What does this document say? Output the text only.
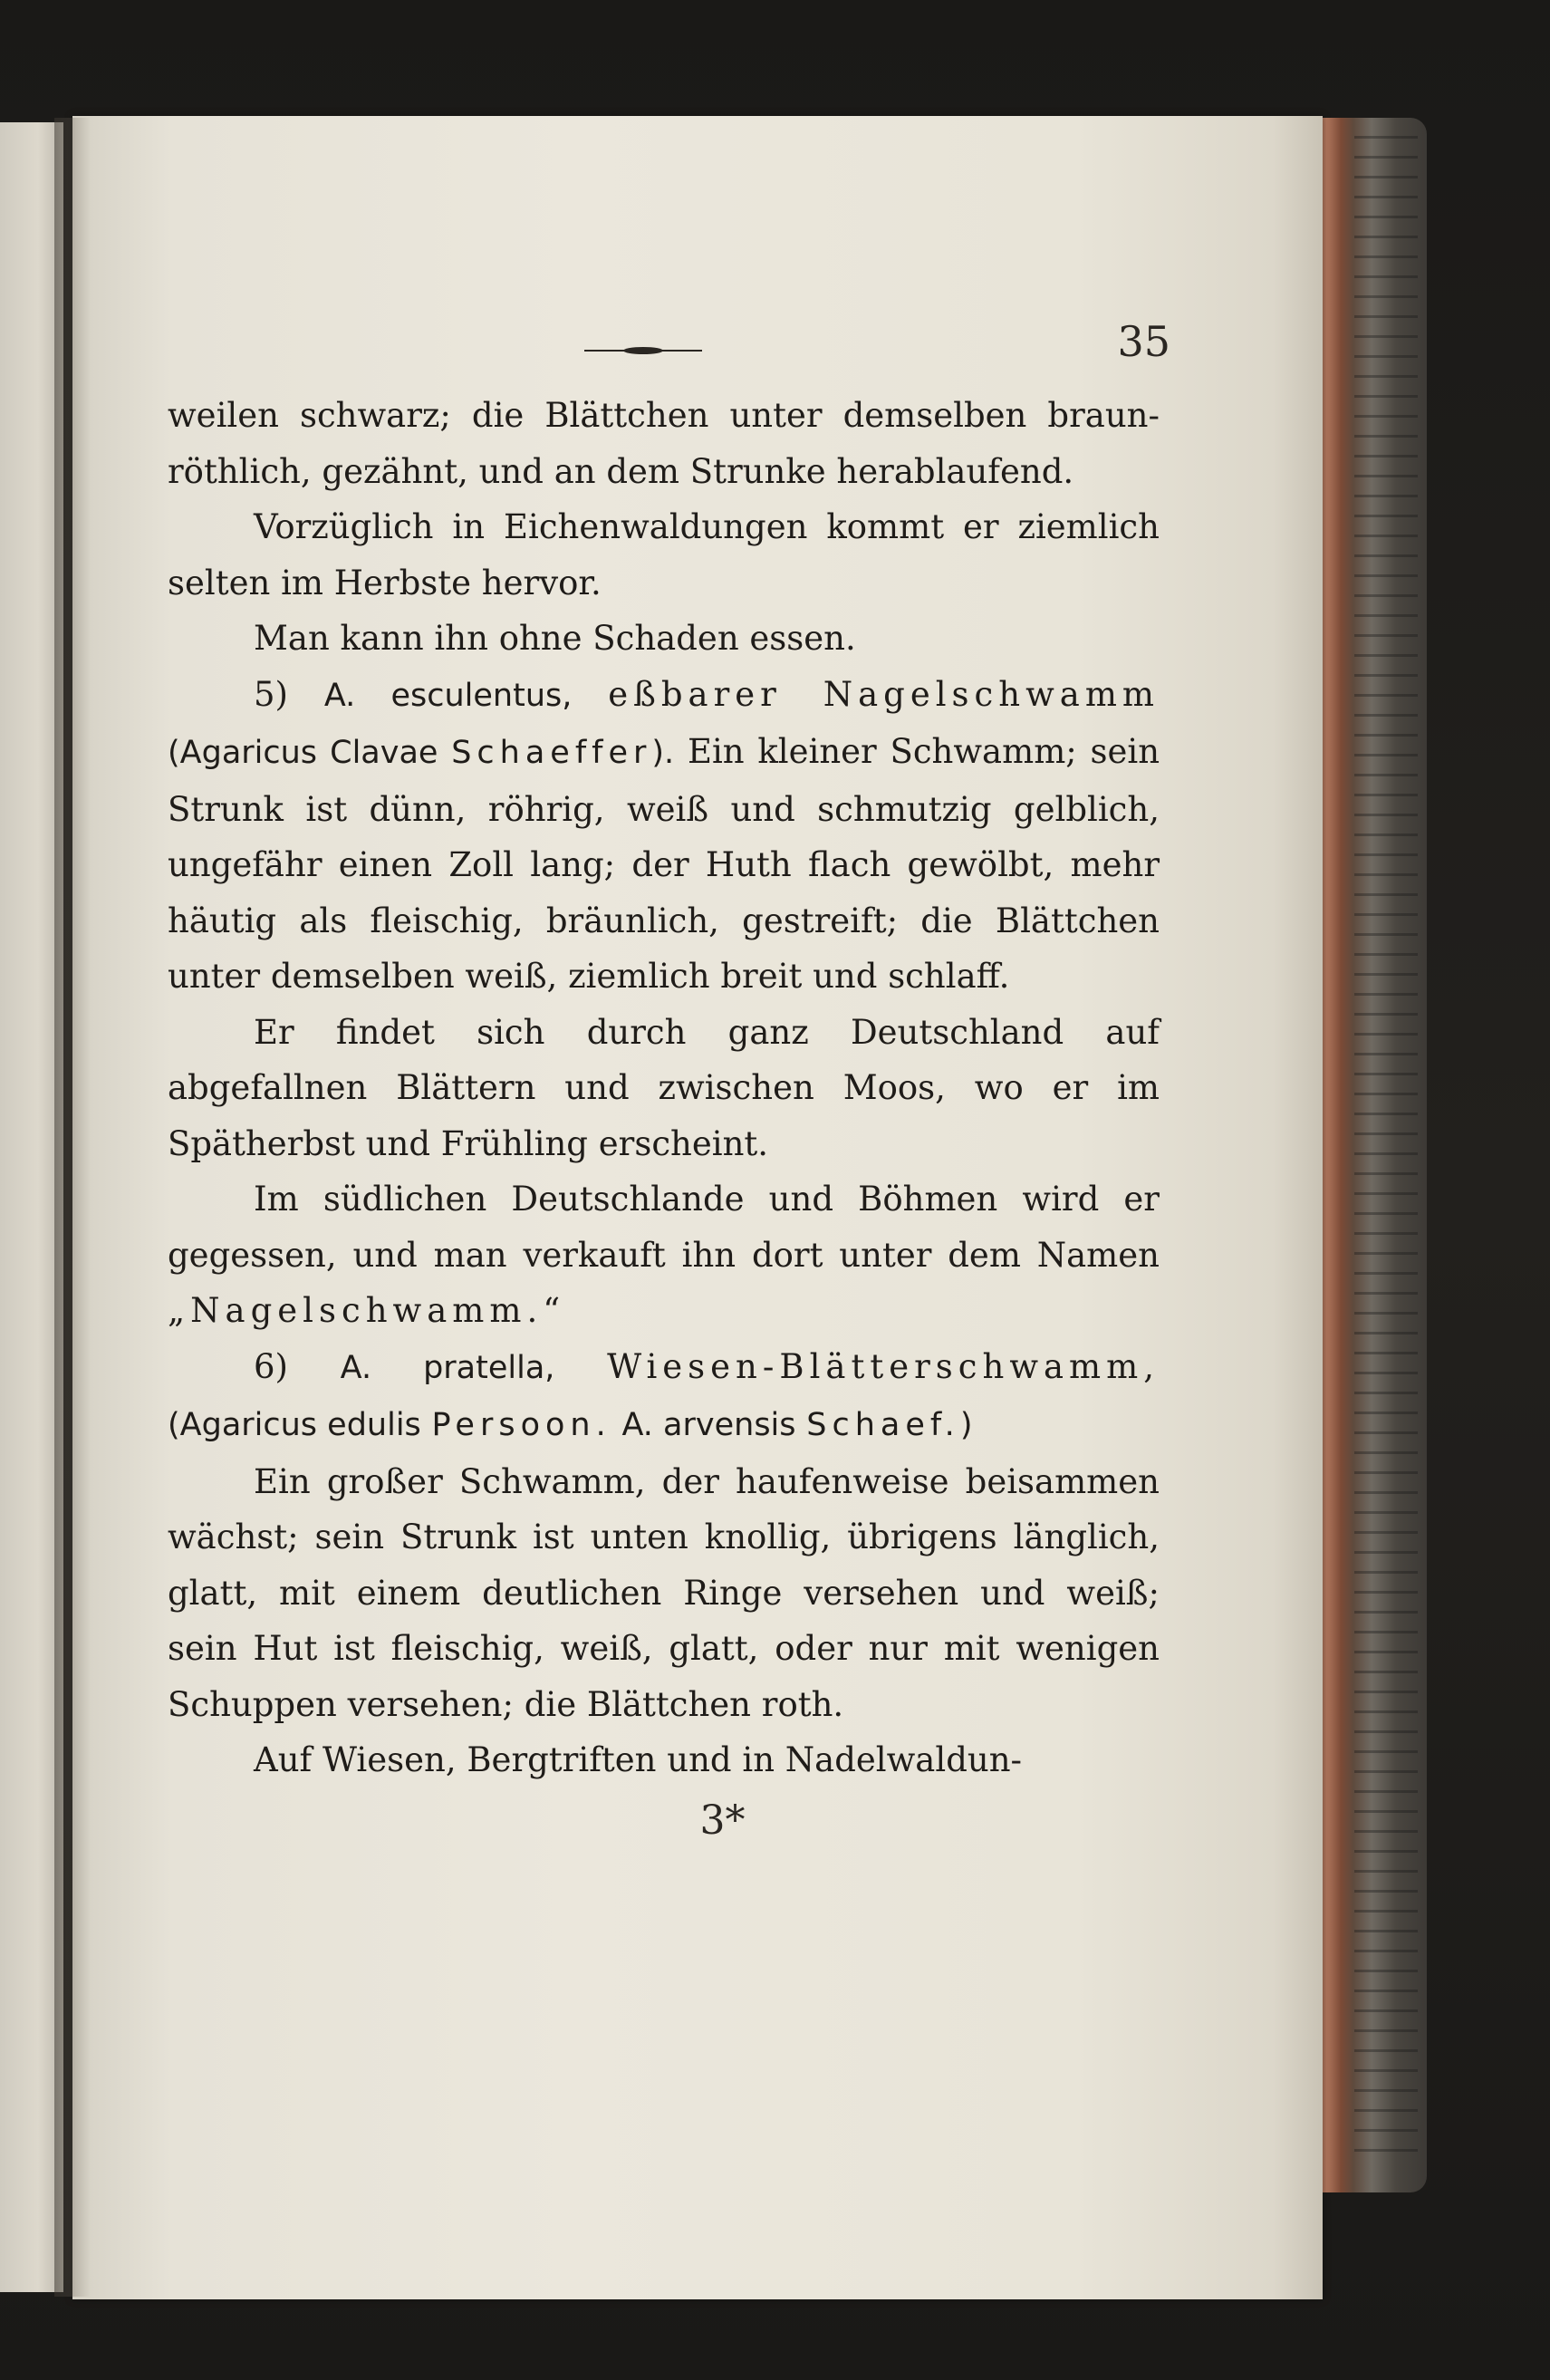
35

weilen schwarz; die Blättchen unter demselben braun-röthlich, gezähnt, und an dem Strunke herablaufend.

Vorzüglich in Eichenwaldungen kommt er ziemlich selten im Herbste hervor.

Man kann ihn ohne Schaden essen.

5) A. esculentus, eßbarer Nagelschwamm (Agaricus Clavae Schaeffer). Ein kleiner Schwamm; sein Strunk ist dünn, röhrig, weiß und schmutzig gelblich, ungefähr einen Zoll lang; der Huth flach gewölbt, mehr häutig als fleischig, bräunlich, gestreift; die Blättchen unter demselben weiß, ziemlich breit und schlaff.

Er findet sich durch ganz Deutschland auf abgefallnen Blättern und zwischen Moos, wo er im Spätherbst und Frühling erscheint.

Im südlichen Deutschlande und Böhmen wird er gegessen, und man verkauft ihn dort unter dem Namen „Nagelschwamm.“

6) A. pratella, Wiesen-Blätterschwamm, (Agaricus edulis Persoon. A. arvensis Schaef.)

Ein großer Schwamm, der haufenweise beisammen wächst; sein Strunk ist unten knollig, übrigens länglich, glatt, mit einem deutlichen Ringe versehen und weiß; sein Hut ist fleischig, weiß, glatt, oder nur mit wenigen Schuppen versehen; die Blättchen roth.

Auf Wiesen, Bergtriften und in Nadelwaldun-

3*
